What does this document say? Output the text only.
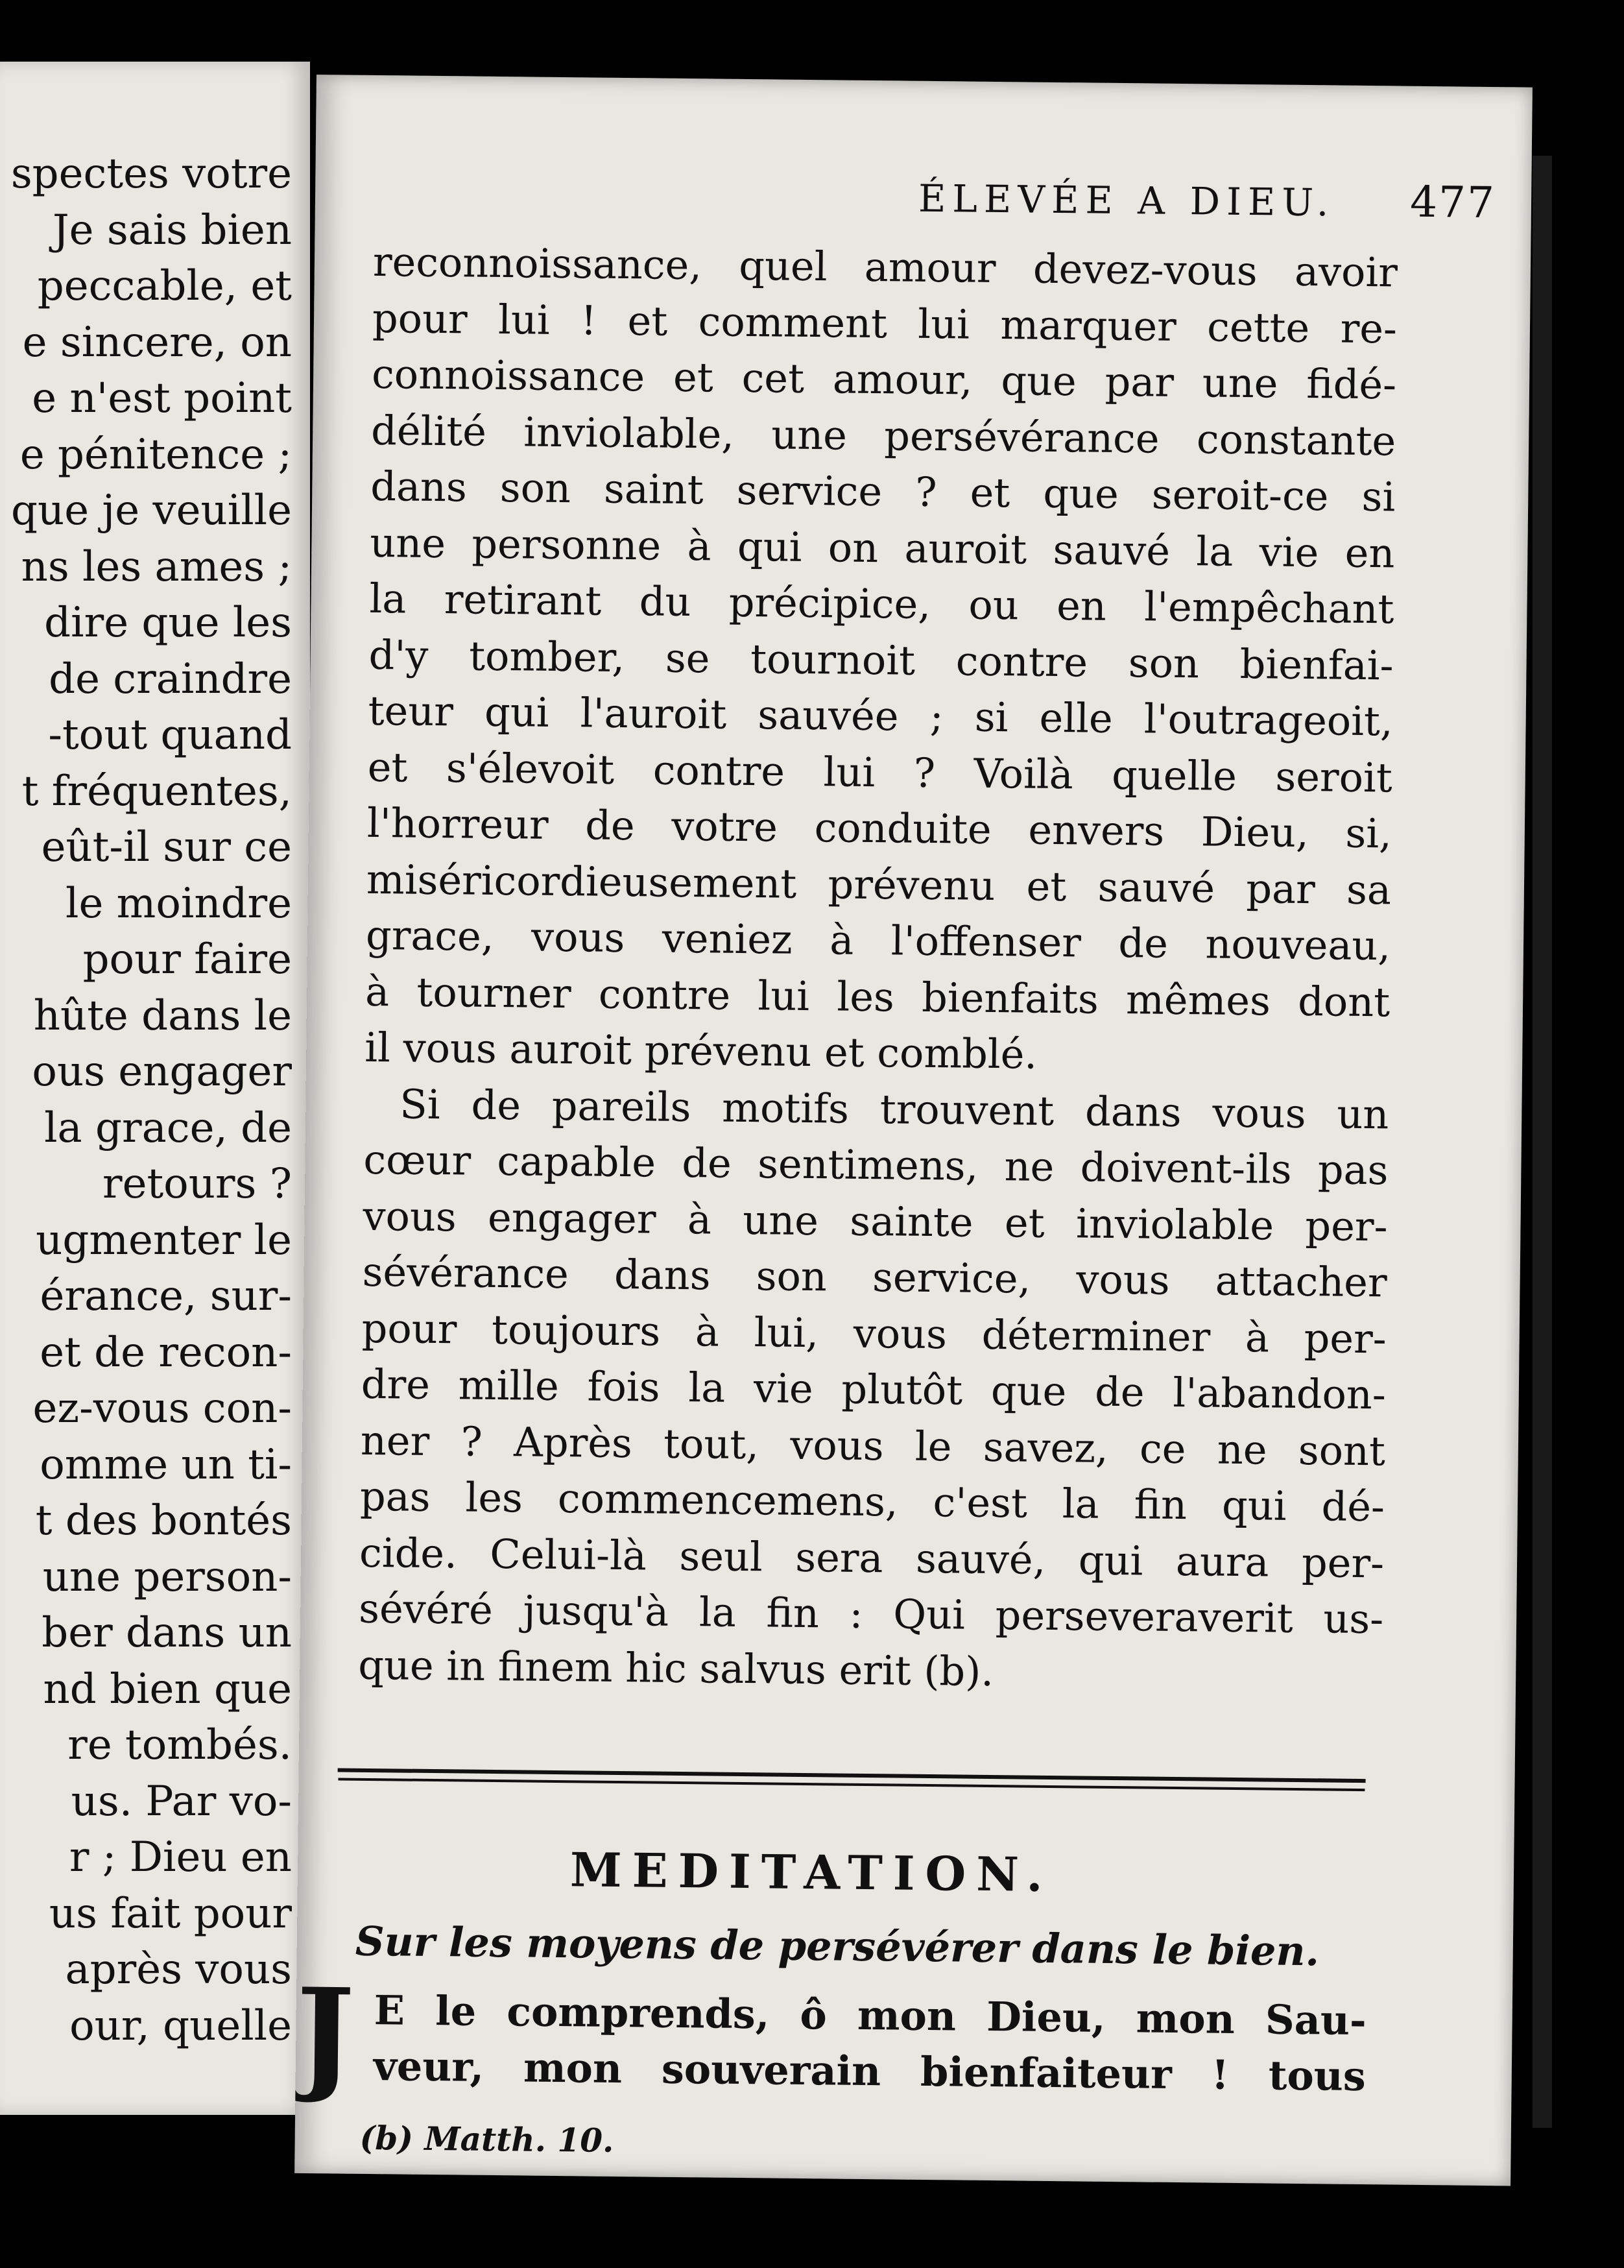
spectes votre
Je sais bien
peccable, et
e sincere, on
e n'est point
e pénitence ;
que je veuille
ns les ames ;
dire que les
de craindre
-tout quand
t fréquentes,
eût-il sur ce
le moindre
pour faire
hûte dans le
ous engager
la grace, de
retours ?
ugmenter le
érance, sur-
et de recon-
ez-vous con-
omme un ti-
t des bontés
une person-
ber dans un
nd bien que
re tombés.
us. Par vo-
r ; Dieu en
us fait pour
après vous
our, quelle
ÉLEVÉE A DIEU. 477
reconnoissance, quel amour devez-vous avoir
pour lui ! et comment lui marquer cette re-
connoissance et cet amour, que par une fidé-
délité inviolable, une persévérance constante
dans son saint service ? et que seroit-ce si
une personne à qui on auroit sauvé la vie en
la retirant du précipice, ou en l'empêchant
d'y tomber, se tournoit contre son bienfai-
teur qui l'auroit sauvée ; si elle l'outrageoit,
et s'élevoit contre lui ? Voilà quelle seroit
l'horreur de votre conduite envers Dieu, si,
miséricordieusement prévenu et sauvé par sa
grace, vous veniez à l'offenser de nouveau,
à tourner contre lui les bienfaits mêmes dont
il vous auroit prévenu et comblé.
Si de pareils motifs trouvent dans vous un
cœur capable de sentimens, ne doivent-ils pas
vous engager à une sainte et inviolable per-
sévérance dans son service, vous attacher
pour toujours à lui, vous déterminer à per-
dre mille fois la vie plutôt que de l'abandon-
ner ? Après tout, vous le savez, ce ne sont
pas les commencemens, c'est la fin qui dé-
cide. Celui-là seul sera sauvé, qui aura per-
sévéré jusqu'à la fin : Qui perseveraverit us-
que in finem hic salvus erit (b).
MEDITATION.
Sur les moyens de persévérer dans le bien.
J E le comprends, ô mon Dieu, mon Sau-
veur, mon souverain bienfaiteur ! tous
(b) Matth. 10.
